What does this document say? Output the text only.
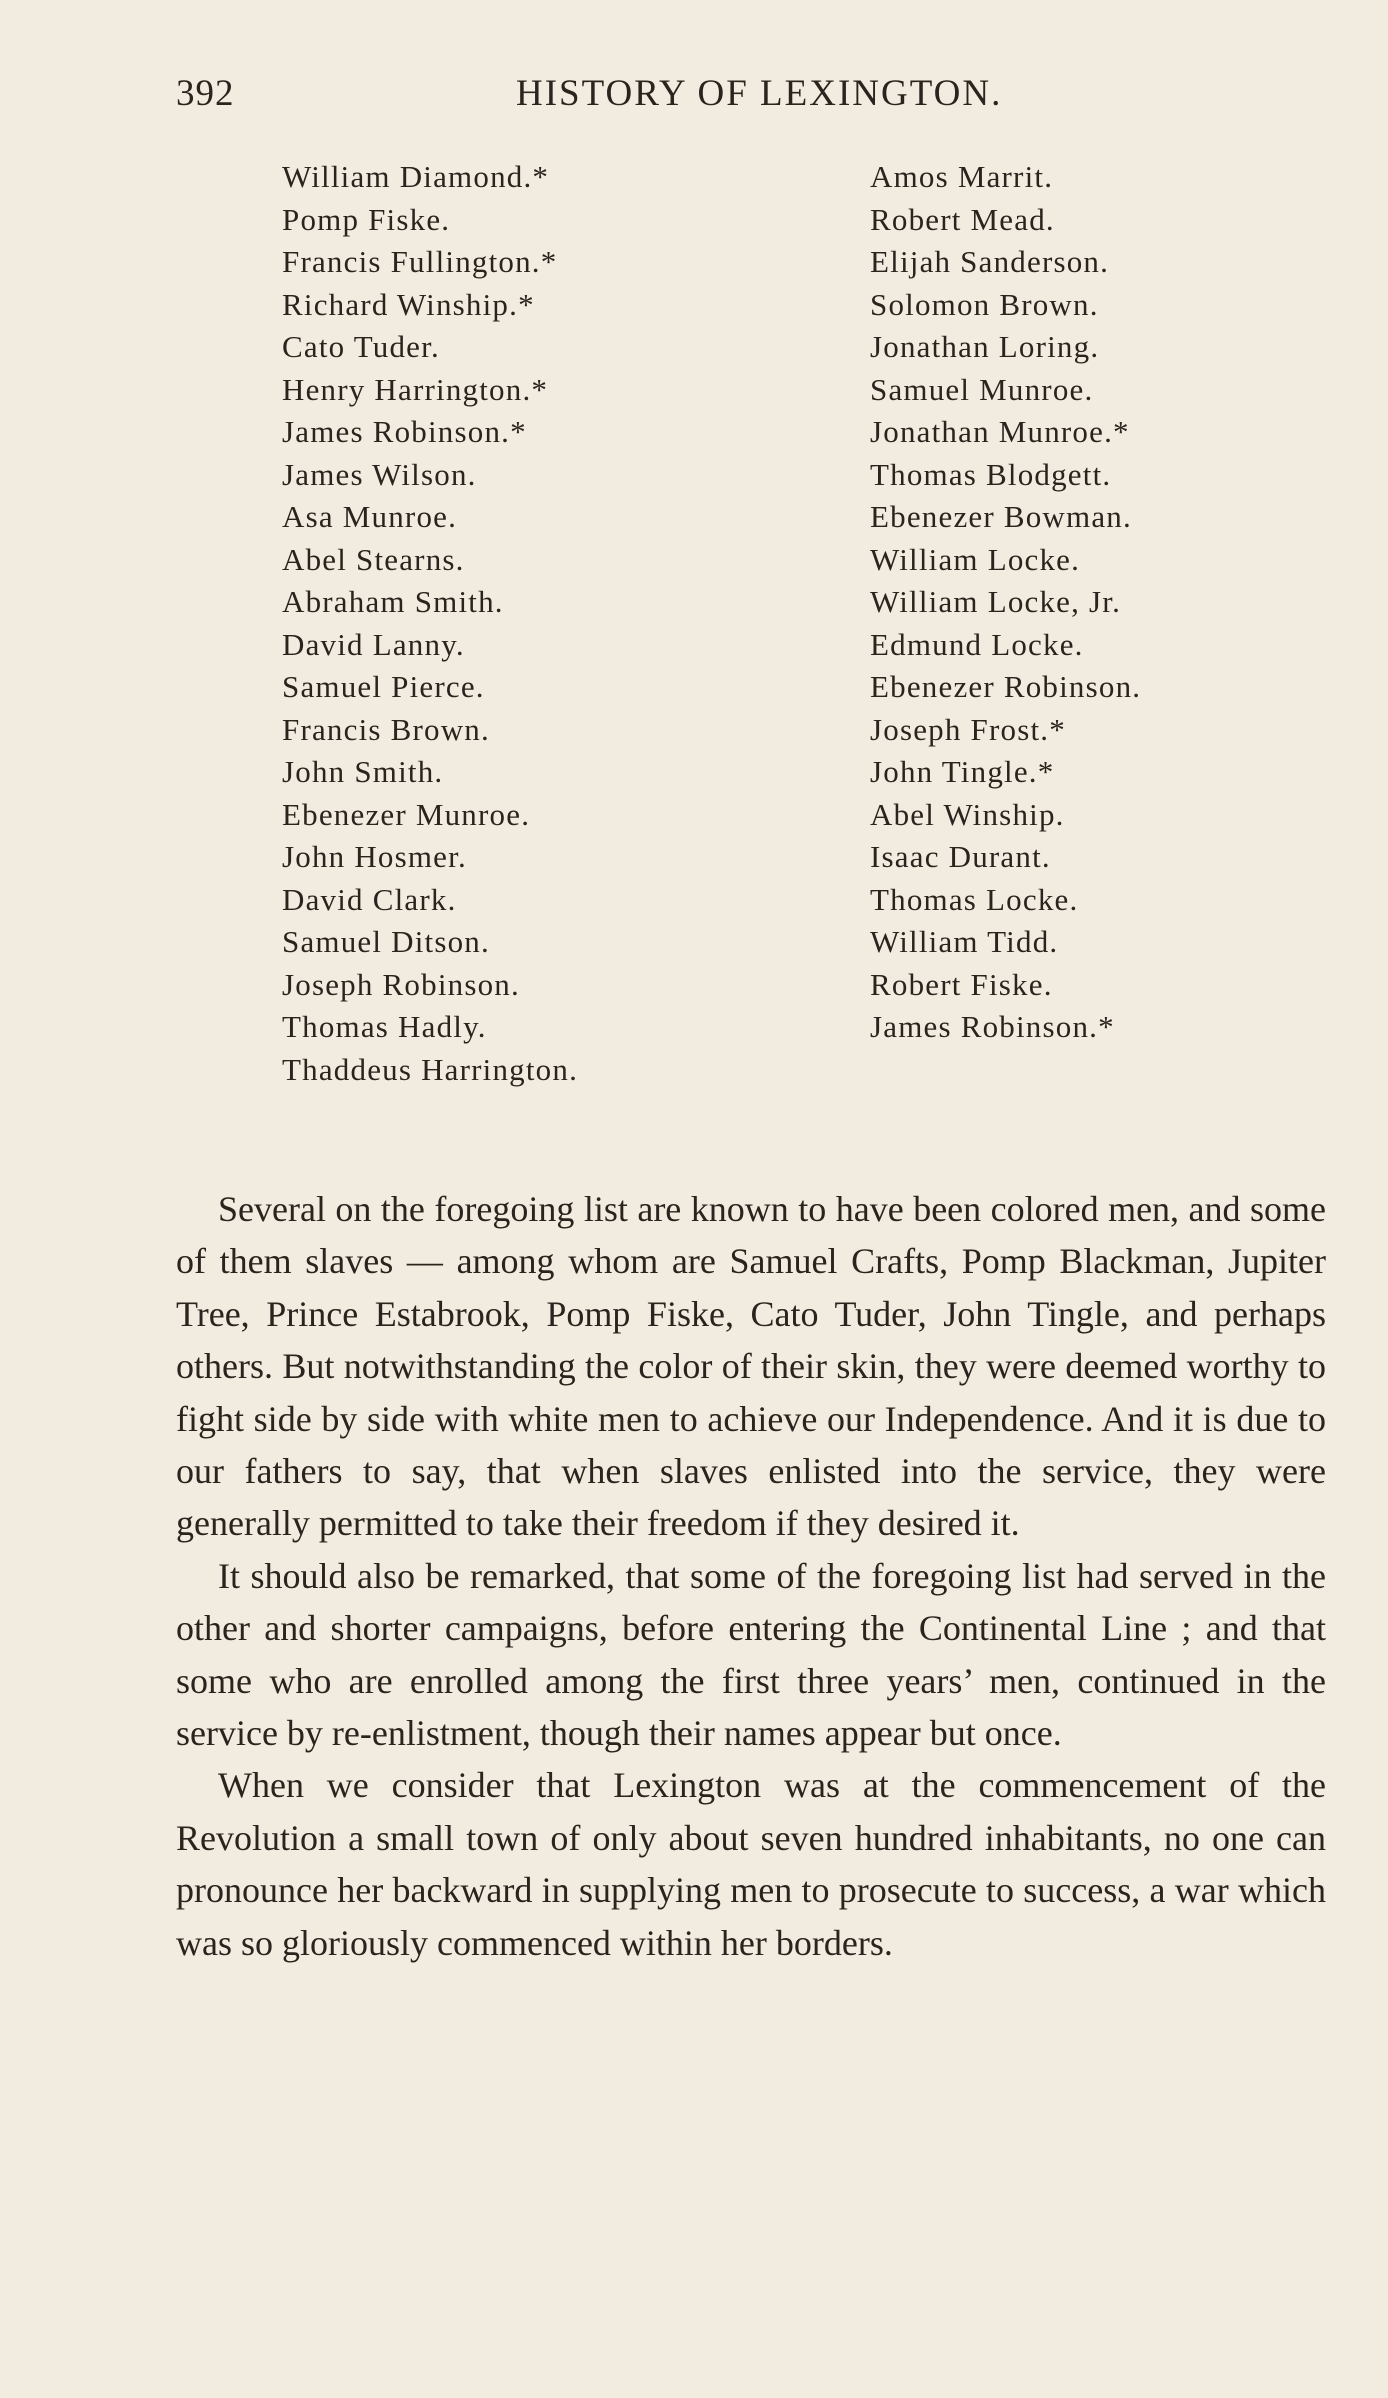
392	HISTORY OF LEXINGTON.
William Diamond.*
Pomp Fiske.
Francis Fullington.*
Richard Winship.*
Cato Tuder.
Henry Harrington.*
James Robinson.*
James Wilson.
Asa Munroe.
Abel Stearns.
Abraham Smith.
David Lanny.
Samuel Pierce.
Francis Brown.
John Smith.
Ebenezer Munroe.
John Hosmer.
David Clark.
Samuel Ditson.
Joseph Robinson.
Thomas Hadly.
Thaddeus Harrington.
Amos Marrit.
Robert Mead.
Elijah Sanderson.
Solomon Brown.
Jonathan Loring.
Samuel Munroe.
Jonathan Munroe.*
Thomas Blodgett.
Ebenezer Bowman.
William Locke.
William Locke, Jr.
Edmund Locke.
Ebenezer Robinson.
Joseph Frost.*
John Tingle.*
Abel Winship.
Isaac Durant.
Thomas Locke.
William Tidd.
Robert Fiske.
James Robinson.*

Several on the foregoing list are known to have been colored men, and some of them slaves — among whom are Samuel Crafts, Pomp Blackman, Jupiter Tree, Prince Estabrook, Pomp Fiske, Cato Tuder, John Tingle, and perhaps others. But notwithstanding the color of their skin, they were deemed worthy to fight side by side with white men to achieve our Independence. And it is due to our fathers to say, that when slaves enlisted into the service, they were generally permitted to take their freedom if they desired it.

It should also be remarked, that some of the foregoing list had served in the other and shorter campaigns, before entering the Continental Line ; and that some who are enrolled among the first three years’ men, continued in the service by re-enlistment, though their names appear but once.

When we consider that Lexington was at the commencement of the Revolution a small town of only about seven hundred inhabitants, no one can pronounce her backward in supplying men to prosecute to success, a war which was so gloriously commenced within her borders.
